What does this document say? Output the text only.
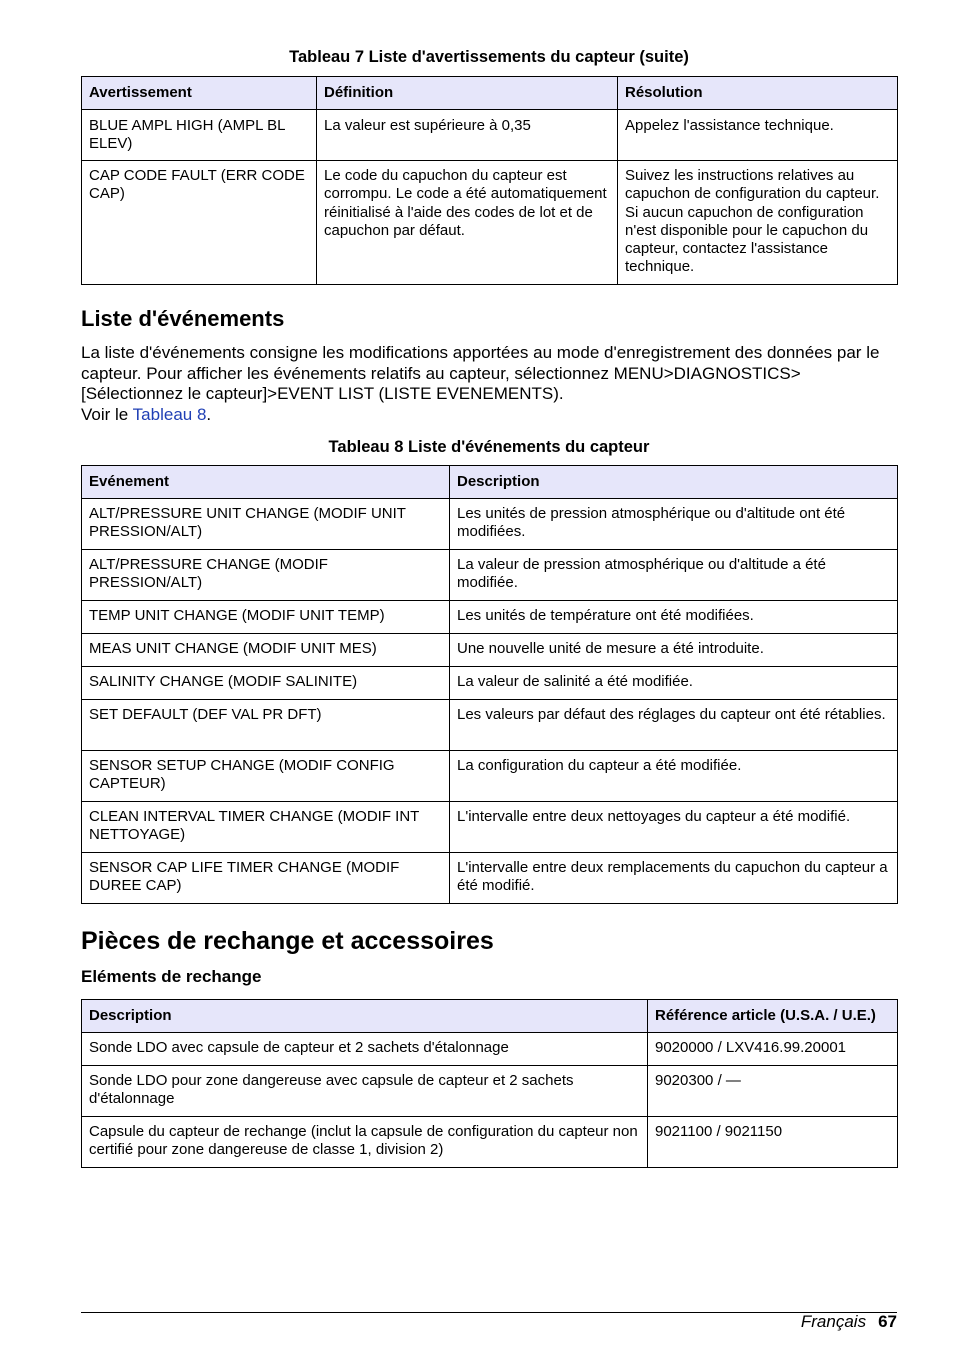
Tableau 7 Liste d'avertissements du capteur (suite)
Avertissement	Définition	Résolution
BLUE AMPL HIGH (AMPL BL ELEV)	La valeur est supérieure à 0,35	Appelez l'assistance technique.
CAP CODE FAULT (ERR CODE CAP)	Le code du capuchon du capteur est corrompu. Le code a été automatiquement réinitialisé à l'aide des codes de lot et de capuchon par défaut.	Suivez les instructions relatives au capuchon de configuration du capteur. Si aucun capuchon de configuration n'est disponible pour le capuchon du capteur, contactez l'assistance technique.
Liste d'événements
La liste d'événements consigne les modifications apportées au mode d'enregistrement des données par le capteur. Pour afficher les événements relatifs au capteur, sélectionnez MENU>DIAGNOSTICS>[Sélectionnez le capteur]>EVENT LIST (LISTE EVENEMENTS).
Voir le Tableau 8.
Tableau 8 Liste d'événements du capteur
Evénement	Description
ALT/PRESSURE UNIT CHANGE (MODIF UNIT PRESSION/ALT)	Les unités de pression atmosphérique ou d'altitude ont été modifiées.
ALT/PRESSURE CHANGE (MODIF PRESSION/ALT)	La valeur de pression atmosphérique ou d'altitude a été modifiée.
TEMP UNIT CHANGE (MODIF UNIT TEMP)	Les unités de température ont été modifiées.
MEAS UNIT CHANGE (MODIF UNIT MES)	Une nouvelle unité de mesure a été introduite.
SALINITY CHANGE (MODIF SALINITE)	La valeur de salinité a été modifiée.
SET DEFAULT (DEF VAL PR DFT)	Les valeurs par défaut des réglages du capteur ont été rétablies.
SENSOR SETUP CHANGE (MODIF CONFIG CAPTEUR)	La configuration du capteur a été modifiée.
CLEAN INTERVAL TIMER CHANGE (MODIF INT NETTOYAGE)	L'intervalle entre deux nettoyages du capteur a été modifié.
SENSOR CAP LIFE TIMER CHANGE (MODIF DUREE CAP)	L'intervalle entre deux remplacements du capuchon du capteur a été modifié.
Pièces de rechange et accessoires
Eléments de rechange
Description	Référence article (U.S.A. / U.E.)
Sonde LDO avec capsule de capteur et 2 sachets d'étalonnage	9020000 / LXV416.99.20001
Sonde LDO pour zone dangereuse avec capsule de capteur et 2 sachets d'étalonnage	9020300 / —
Capsule du capteur de rechange (inclut la capsule de configuration du capteur non certifié pour zone dangereuse de classe 1, division 2)	9021100 / 9021150
Français 67
